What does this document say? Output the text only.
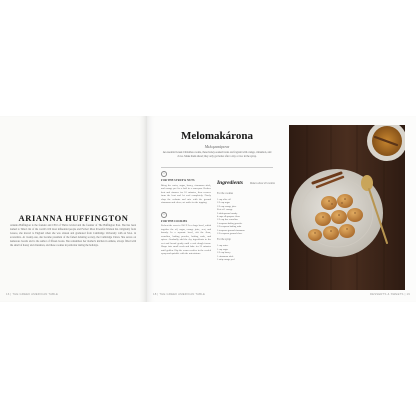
ARIANNA HUFFINGTON
Arianna Huffington is the founder and CEO of Thrive Global and the founder of The Huffington Post. She has been named to Time's list of the world's 100 most influential people and Forbes' Most Powerful Women list. Originally from Greece, she moved to England when she was sixteen and graduated from Cambridge University with an M.A. in economics. At twenty-one, she became president of the famed debating society, the Cambridge Union. She serves on numerous boards and is the author of fifteen books. She remembers her mother's kitchen in Athens, always filled with the smell of honey and cinnamon, and these cookies in particular during the holidays.
16 | THE GREEK AMERICAN TABLE
Melomakárona
Μελομακάρονα
An essential Greek Christmas cookie, these honey-soaked treats are fragrant with orange, cinnamon, and clove. Make them ahead; they only get better after a day or two in the syrup.
1
FOR THE SYRUP & NUTS
Bring the water, sugar, honey, cinnamon stick, and orange peel to a boil in a saucepan. Reduce heat and simmer for 10 minutes, then remove from the heat and let cool completely. Finely chop the walnuts and mix with the ground cinnamon and clove; set aside for the topping.
2
FOR THE COOKIES
Preheat the oven to 350°F. In a large bowl, whisk together the oil, sugar, orange juice, zest, and brandy. In a separate bowl, sift the flour, semolina, baking powder, baking soda, and spices. Gradually add the dry ingredients to the wet and knead gently until a soft dough forms. Shape into small ovals and bake for 25 minutes until golden. Dip the warm cookies in the cooled syrup and sprinkle with the nut mixture.
Ingredients	Makes about 40 cookies
For the cookies
1 cup olive oil
1/2 cup sugar
1/2 cup orange juice
Zest of 1 orange
2 tablespoons brandy
4 cups all-purpose flour
1/2 cup fine semolina
1 teaspoon baking powder
1/2 teaspoon baking soda
1 teaspoon ground cinnamon
1/2 teaspoon ground clove
For the syrup
1 cup water
1 cup sugar
1/2 cup honey
1 cinnamon stick
1 strip orange peel
18 | THE GREEK AMERICAN TABLE	DESSERTS & SWEETS | 19
